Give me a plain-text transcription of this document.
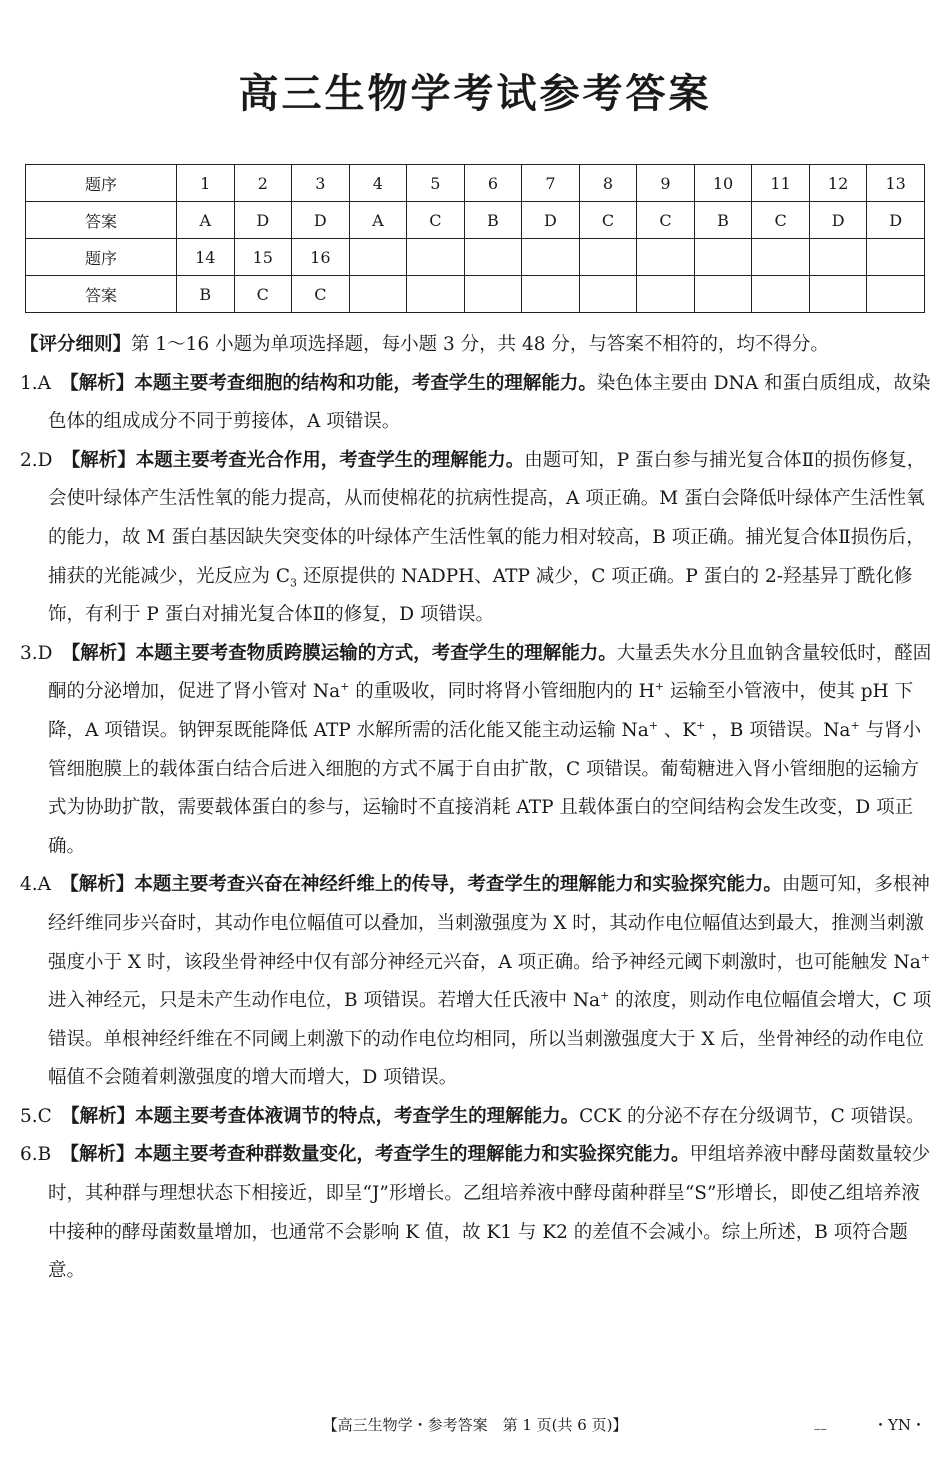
高三生物学考试参考答案
题序	1	2	3	4	5	6	7	8	9	10	11	12	13
答案	A	D	D	A	C	B	D	C	C	B	C	D	D
题序	14	15	16										
答案	B	C	C										

【评分细则】第 1～16 小题为单项选择题，每小题 3 分，共 48 分，与答案不相符的，均不得分。

1.A　 【解析】本题主要考查细胞的结构和功能，考查学生的理解能力。染色体主要由 DNA 和蛋白质组成，故染色体的组成成分不同于剪接体，A 项错误。

2.D　 【解析】本题主要考查光合作用，考查学生的理解能力。由题可知，P 蛋白参与捕光复合体Ⅱ的损伤修复，会使叶绿体产生活性氧的能力提高，从而使棉花的抗病性提高，A 项正确。M 蛋白会降低叶绿体产生活性氧的能力，故 M 蛋白基因缺失突变体的叶绿体产生活性氧的能力相对较高，B 项正确。捕光复合体Ⅱ损伤后，捕获的光能减少，光反应为 $C_3$ 还原提供的 NADPH、ATP 减少，C 项正确。P 蛋白的 2-羟基异丁酰化修饰，有利于 P 蛋白对捕光复合体Ⅱ的修复，D 项错误。

3.D　 【解析】本题主要考查物质跨膜运输的方式，考查学生的理解能力。大量丢失水分且血钠含量较低时，醛固酮的分泌增加，促进了肾小管对 Na+ 的重吸收，同时将肾小管细胞内的 H+ 运输至小管液中，使其 pH 下降，A 项错误。钠钾泵既能降低 ATP 水解所需的活化能又能主动运输 Na+ 、K+ ，B 项错误。Na+ 与肾小管细胞膜上的载体蛋白结合后进入细胞的方式不属于自由扩散，C 项错误。葡萄糖进入肾小管细胞的运输方式为协助扩散，需要载体蛋白的参与，运输时不直接消耗 ATP 且载体蛋白的空间结构会发生改变，D 项正确。

4.A　 【解析】本题主要考查兴奋在神经纤维上的传导，考查学生的理解能力和实验探究能力。由题可知，多根神经纤维同步兴奋时，其动作电位幅值可以叠加，当刺激强度为 X 时，其动作电位幅值达到最大，推测当刺激强度小于 X 时，该段坐骨神经中仅有部分神经元兴奋，A 项正确。给予神经元阈下刺激时，也可能触发 Na+ 进入神经元，只是未产生动作电位，B 项错误。若增大任氏液中 Na+ 的浓度，则动作电位幅值会增大，C 项错误。单根神经纤维在不同阈上刺激下的动作电位均相同，所以当刺激强度大于 X 后，坐骨神经的动作电位幅值不会随着刺激强度的增大而增大，D 项错误。

5.C　 【解析】本题主要考查体液调节的特点，考查学生的理解能力。CCK 的分泌不存在分级调节，C 项错误。

6.B　 【解析】本题主要考查种群数量变化，考查学生的理解能力和实验探究能力。甲组培养液中酵母菌数量较少时，其种群与理想状态下相接近，即呈“J”形增长。乙组培养液中酵母菌种群呈“S”形增长，即使乙组培养液中接种的酵母菌数量增加，也通常不会影响 K 值，故 K1 与 K2 的差值不会减小。综上所述，B 项符合题意。

【高三生物学・参考答案　第 1 页(共 6 页)】	‒‒	・YN・
